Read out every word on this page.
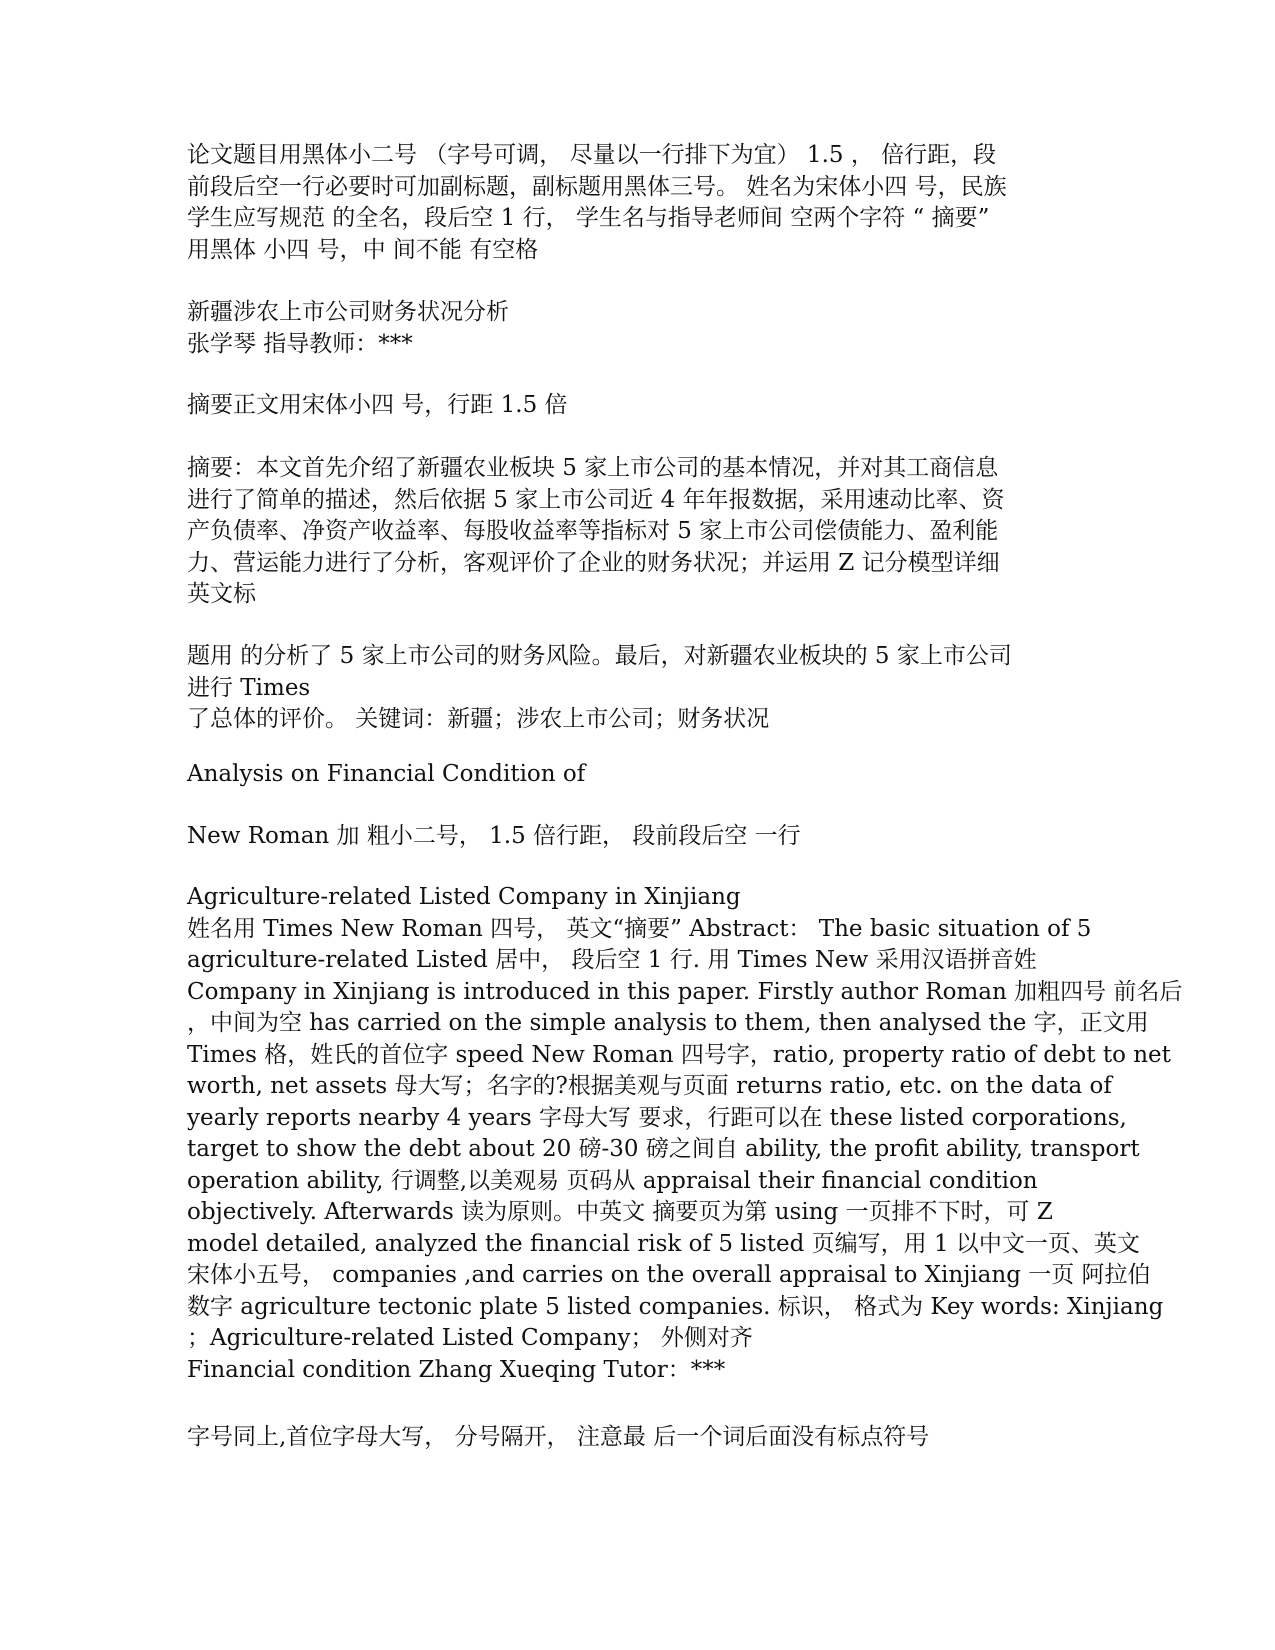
论文题目用黑体小二号 （字号可调， 尽量以一行排下为宜） 1.5 ， 倍行距，段
前段后空一行必要时可加副标题，副标题用黑体三号。 姓名为宋体小四 号，民族
学生应写规范 的全名，段后空 1 行， 学生名与指导老师间 空两个字符 “ 摘要”
用黑体 小四 号，中 间不能 有空格
新疆涉农上市公司财务状况分析
张学琴 指导教师：***
摘要正文用宋体小四 号，行距 1.5 倍
摘要：本文首先介绍了新疆农业板块 5 家上市公司的基本情况，并对其工商信息
进行了简单的描述，然后依据 5 家上市公司近 4 年年报数据，采用速动比率、资
产负债率、净资产收益率、每股收益率等指标对 5 家上市公司偿债能力、盈利能
力、营运能力进行了分析，客观评价了企业的财务状况；并运用 Z 记分模型详细
英文标
题用 的分析了 5 家上市公司的财务风险。最后，对新疆农业板块的 5 家上市公司
进行 Times
了总体的评价。 关键词：新疆；涉农上市公司；财务状况
Analysis on Financial Condition of
New Roman 加 粗小二号， 1.5 倍行距， 段前段后空 一行
Agriculture-related Listed Company in Xinjiang
姓名用 Times New Roman 四号， 英文“摘要” Abstract： The basic situation of 5
agriculture-related Listed 居中， 段后空 1 行. 用 Times New 采用汉语拼音姓
Company in Xinjiang is introduced in this paper. Firstly author Roman 加粗四号 前名后
，中间为空 has carried on the simple analysis to them, then analysed the 字，正文用
Times 格，姓氏的首位字 speed New Roman 四号字，ratio, property ratio of debt to net
worth, net assets 母大写；名字的?根据美观与页面 returns ratio, etc. on the data of
yearly reports nearby 4 years 字母大写 要求，行距可以在 these listed corporations,
target to show the debt about 20 磅-30 磅之间自 ability, the profit ability, transport
operation ability, 行调整,以美观易 页码从 appraisal their financial condition
objectively. Afterwards 读为原则。中英文 摘要页为第 using 一页排不下时，可 Z
model detailed, analyzed the financial risk of 5 listed 页编写，用 1 以中文一页、英文
宋体小五号， companies ,and carries on the overall appraisal to Xinjiang 一页 阿拉伯
数字 agriculture tectonic plate 5 listed companies. 标识， 格式为 Key words: Xinjiang
；Agriculture-related Listed Company； 外侧对齐
Financial condition Zhang Xueqing Tutor：***
字号同上,首位字母大写， 分号隔开， 注意最 后一个词后面没有标点符号
